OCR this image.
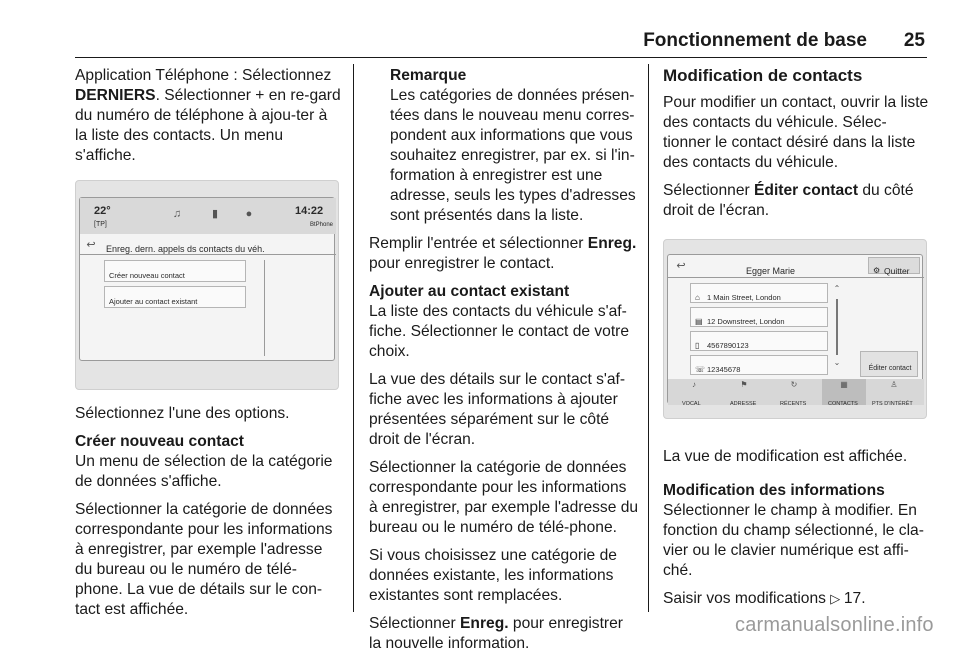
Fonctionnement de base 25

Application Téléphone : Sélectionnez DERNIERS. Sélectionner + en re-gard du numéro de téléphone à ajou-ter à la liste des contacts. Un menu s'affiche.

22°
[TP]
♫	▮	●	14:22
BtPhone
↩ Enreg. dern. appels ds contacts du véh.
Créer nouveau contact
Ajouter au contact existant

Sélectionnez l'une des options.

Créer nouveau contact

Un menu de sélection de la catégorie de données s'affiche.

Sélectionner la catégorie de données correspondante pour les informations à enregistrer, par exemple l'adresse du bureau ou le numéro de télé-phone. La vue de détails sur le con-tact est affichée.

Remarque

Les catégories de données présen-tées dans le nouveau menu corres-pondent aux informations que vous souhaitez enregistrer, par ex. si l'in-formation à enregistrer est une adresse, seuls les types d'adresses sont présentés dans la liste.

Remplir l'entrée et sélectionner Enreg. pour enregistrer le contact.

Ajouter au contact existant

La liste des contacts du véhicule s'af-fiche. Sélectionner le contact de votre choix.

La vue des détails sur le contact s'af-fiche avec les informations à ajouter présentées séparément sur le côté droit de l'écran.

Sélectionner la catégorie de données correspondante pour les informations à enregistrer, par exemple l'adresse du bureau ou le numéro de télé-phone.

Si vous choisissez une catégorie de données existante, les informations existantes sont remplacées.

Sélectionner Enreg. pour enregistrer la nouvelle information.

Modification de contacts

Pour modifier un contact, ouvrir la liste des contacts du véhicule. Sélec-tionner le contact désiré dans la liste des contacts du véhicule.

Sélectionner Éditer contact du côté droit de l'écran.

↩	Egger Marie	⚙ Quitter
⌂ 1 Main Street, London
▤ 12 Downstreet, London
▯ 4567890123
☏ 12345678
⌃
⌄
Éditer contact
♪
VOCAL
⚑
ADRESSE
↻
RÉCENTS
▦
CONTACTS
♙
PTS D'INTÉRÊT

La vue de modification est affichée.

Modification des informations

Sélectionner le champ à modifier. En fonction du champ sélectionné, le cla-vier ou le clavier numérique est affi-ché.

Saisir vos modifications ▷ 17.

carmanualsonline.info
